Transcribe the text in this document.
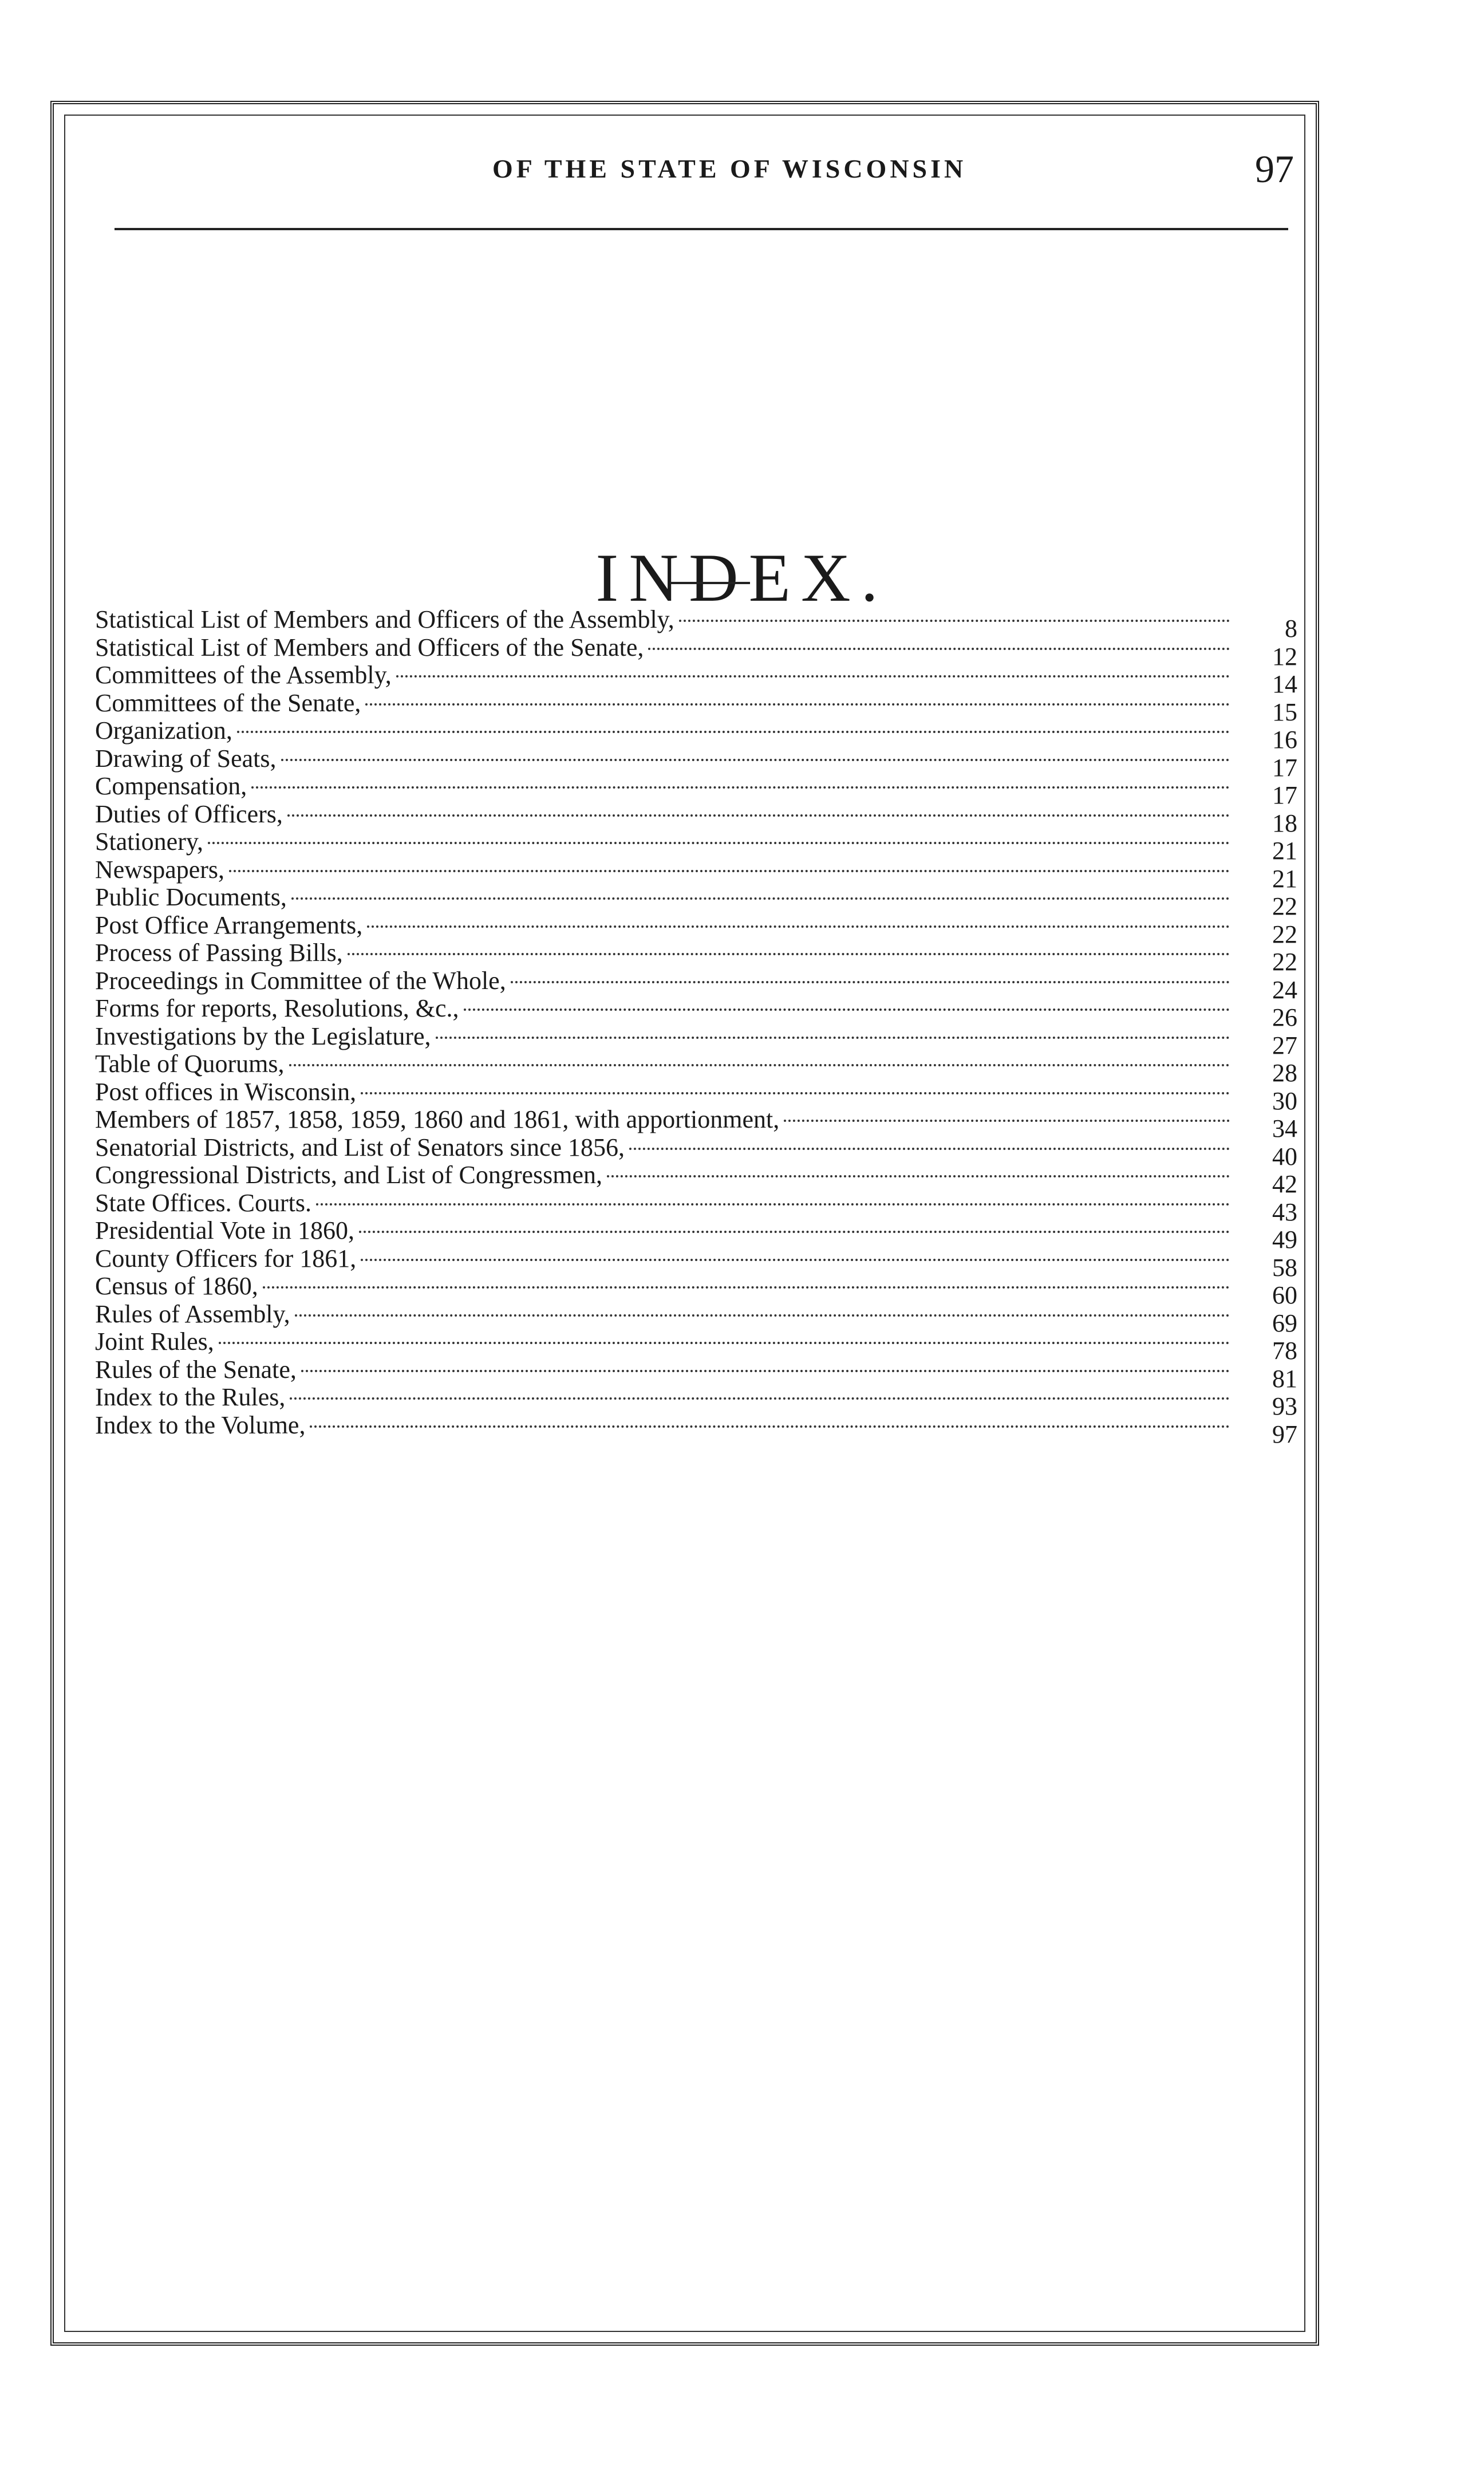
OF THE STATE OF WISCONSIN	97
INDEX.
Statistical List of Members and Officers of the Assembly,	8
Statistical List of Members and Officers of the Senate,	12
Committees of the Assembly,	14
Committees of the Senate,	15
Organization,	16
Drawing of Seats,	17
Compensation,	17
Duties of Officers,	18
Stationery,	21
Newspapers,	21
Public Documents,	22
Post Office Arrangements,	22
Process of Passing Bills,	22
Proceedings in Committee of the Whole,	24
Forms for reports, Resolutions, &c.,	26
Investigations by the Legislature,	27
Table of Quorums,	28
Post offices in Wisconsin,	30
Members of 1857, 1858, 1859, 1860 and 1861, with apportionment,	34
Senatorial Districts, and List of Senators since 1856,	40
Congressional Districts, and List of Congressmen,	42
State Offices. Courts.	43
Presidential Vote in 1860,	49
County Officers for 1861,	58
Census of 1860,	60
Rules of Assembly,	69
Joint Rules,	78
Rules of the Senate,	81
Index to the Rules,	93
Index to the Volume,	97
